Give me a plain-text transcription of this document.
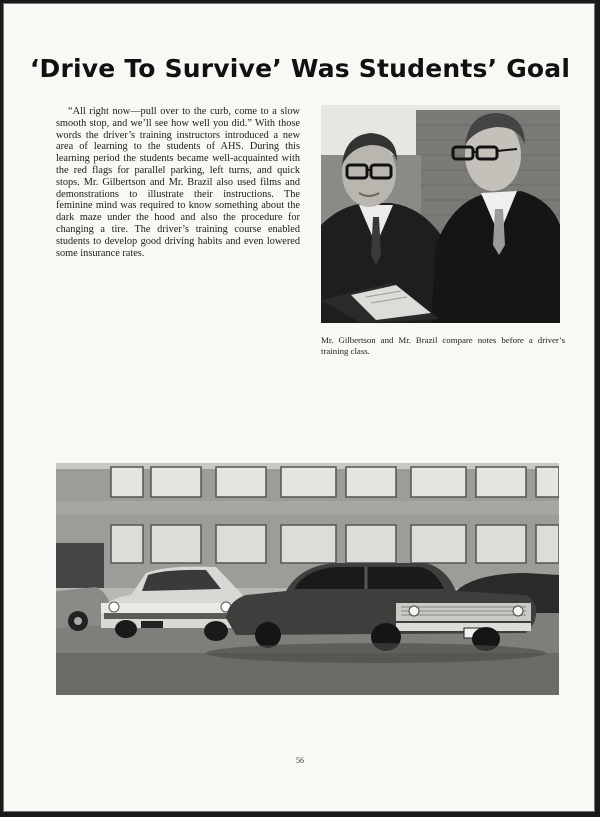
‘Drive To Survive’ Was Students’ Goal

“All right now—pull over to the curb, come to a slow smooth stop, and we’ll see how well you did.” With those words the driver’s training instructors introduced a new area of learning to the students of AHS. During this learning period the students became well-acquainted with the red flags for parallel parking, left turns, and quick stops. Mr. Gilbertson and Mr. Brazil also used films and demonstrations to illustrate their instructions. The feminine mind was required to know something about the dark maze under the hood and also the procedure for changing a tire. The driver’s training course enabled students to develop good driving habits and even lowered some insurance rates.

Mr. Gilbertson and Mr. Brazil compare notes before a driver’s training class.

56
